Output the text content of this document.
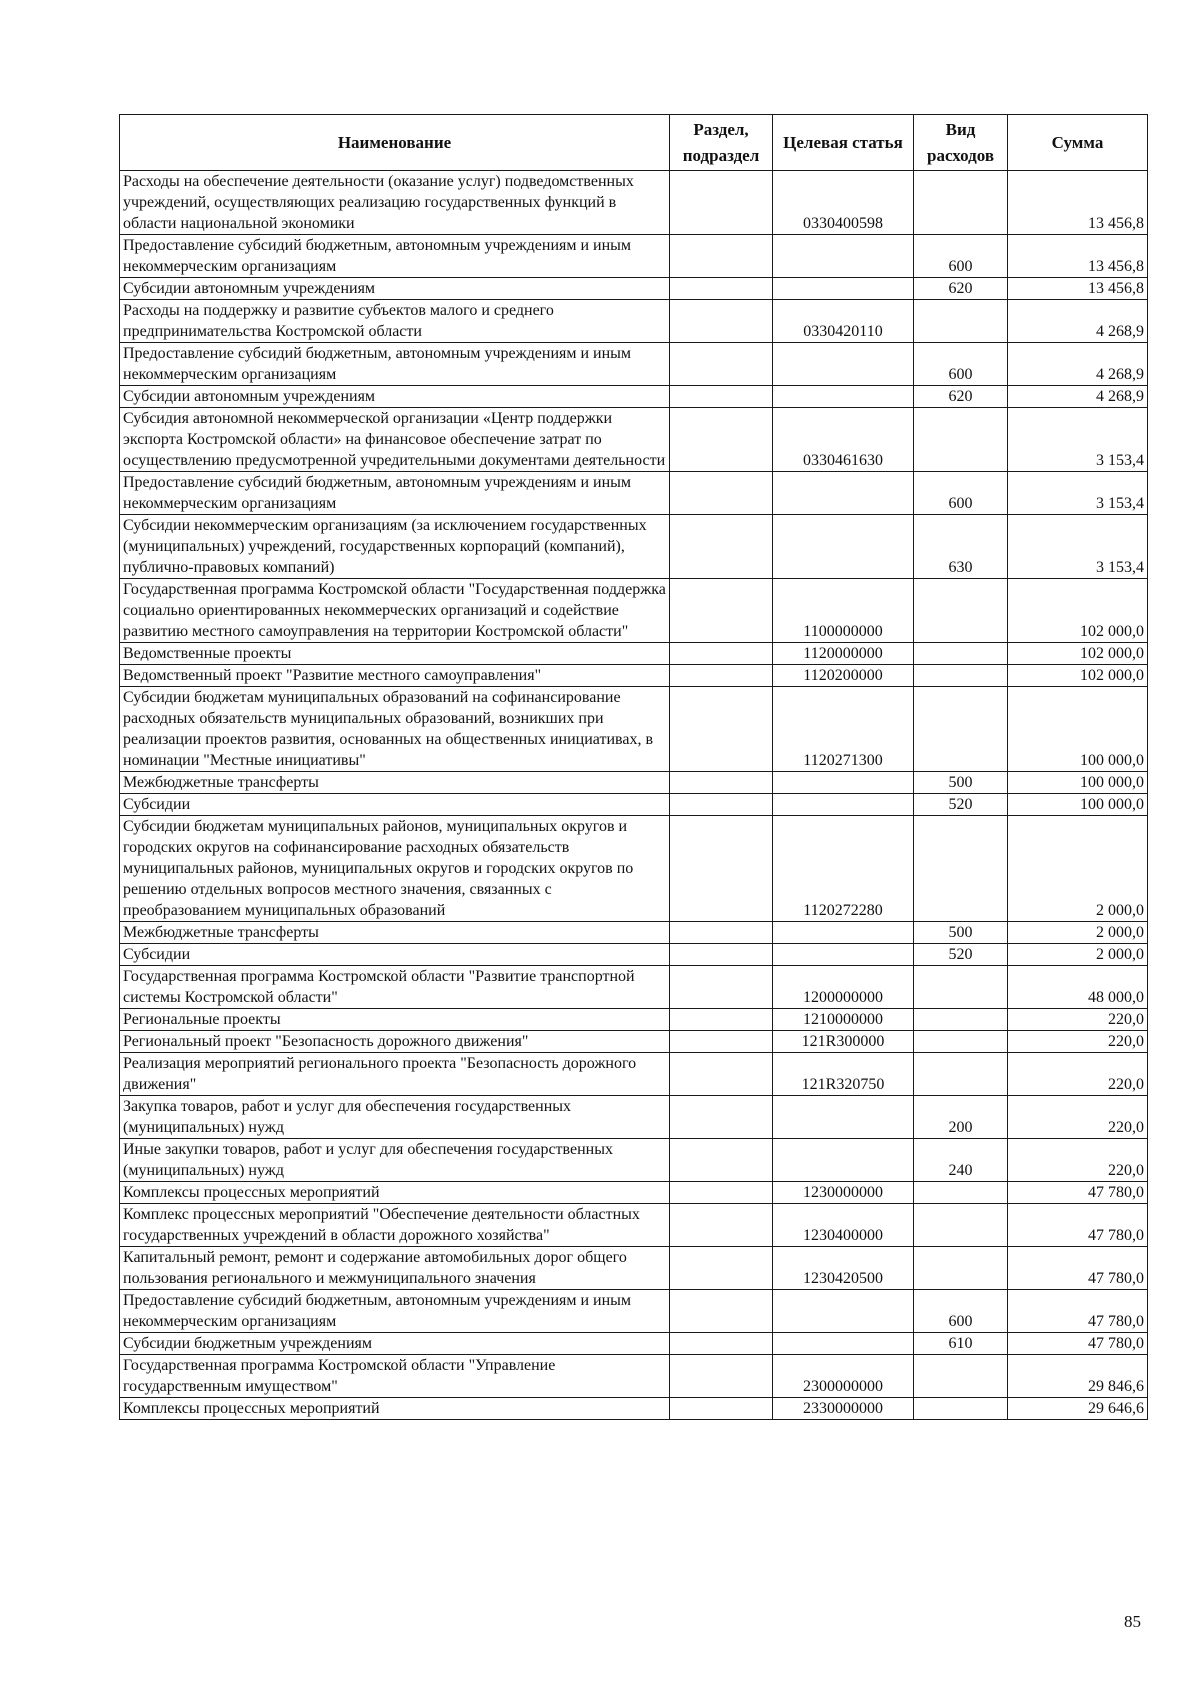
Наименование	Раздел, подраздел	Целевая статья	Вид расходов	Сумма
Расходы на обеспечение деятельности (оказание услуг) подведомственных учреждений, осуществляющих реализацию государственных функций в области национальной экономики		0330400598		13 456,8
Предоставление субсидий бюджетным, автономным учреждениям и иным некоммерческим организациям			600	13 456,8
Субсидии автономным учреждениям			620	13 456,8
Расходы на поддержку и развитие субъектов малого и среднего предпринимательства Костромской области		0330420110		4 268,9
Предоставление субсидий бюджетным, автономным учреждениям и иным некоммерческим организациям			600	4 268,9
Субсидии автономным учреждениям			620	4 268,9
Субсидия автономной некоммерческой организации «Центр поддержки экспорта Костромской области» на финансовое обеспечение затрат по осуществлению предусмотренной учредительными документами деятельности		0330461630		3 153,4
Предоставление субсидий бюджетным, автономным учреждениям и иным некоммерческим организациям			600	3 153,4
Субсидии некоммерческим организациям (за исключением государственных (муниципальных) учреждений, государственных корпораций (компаний), публично-правовых компаний)			630	3 153,4
Государственная программа Костромской области "Государственная поддержка социально ориентированных некоммерческих организаций и содействие развитию местного самоуправления на территории Костромской области"		1100000000		102 000,0
Ведомственные проекты		1120000000		102 000,0
Ведомственный проект "Развитие местного самоуправления"		1120200000		102 000,0
Субсидии бюджетам муниципальных образований на софинансирование расходных обязательств муниципальных образований, возникших при реализации проектов развития, основанных на общественных инициативах, в номинации "Местные инициативы"		1120271300		100 000,0
Межбюджетные трансферты			500	100 000,0
Субсидии			520	100 000,0
Субсидии бюджетам муниципальных районов, муниципальных округов и городских округов на софинансирование расходных обязательств муниципальных районов, муниципальных округов и городских округов по решению отдельных вопросов местного значения, связанных с преобразованием муниципальных образований		1120272280		2 000,0
Межбюджетные трансферты			500	2 000,0
Субсидии			520	2 000,0
Государственная программа Костромской области "Развитие транспортной системы Костромской области"		1200000000		48 000,0
Региональные проекты		1210000000		220,0
Региональный проект "Безопасность дорожного движения"		121R300000		220,0
Реализация мероприятий регионального проекта "Безопасность дорожного движения"		121R320750		220,0
Закупка товаров, работ и услуг для обеспечения государственных (муниципальных) нужд			200	220,0
Иные закупки товаров, работ и услуг для обеспечения государственных (муниципальных) нужд			240	220,0
Комплексы процессных мероприятий		1230000000		47 780,0
Комплекс процессных мероприятий "Обеспечение деятельности областных государственных учреждений в области дорожного хозяйства"		1230400000		47 780,0
Капитальный ремонт, ремонт и содержание автомобильных дорог общего пользования регионального и межмуниципального значения		1230420500		47 780,0
Предоставление субсидий бюджетным, автономным учреждениям и иным некоммерческим организациям			600	47 780,0
Субсидии бюджетным учреждениям			610	47 780,0
Государственная программа Костромской области "Управление государственным имуществом"		2300000000		29 846,6
Комплексы процессных мероприятий		2330000000		29 646,6
85
